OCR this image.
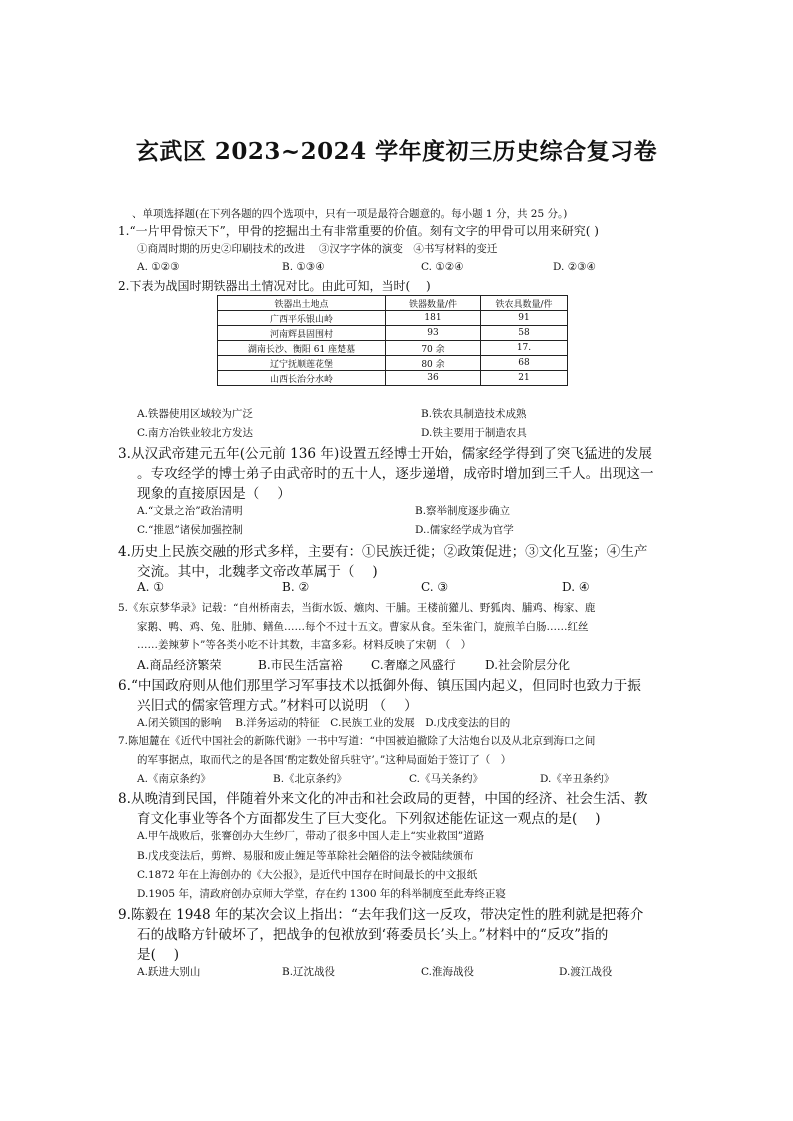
玄武区 2023~2024 学年度初三历史综合复习卷
、单项选择题(在下列各题的四个选项中，只有一项是最符合题意的。每小题 1 分，共 25 分。)
1.“一片甲骨惊天下”，甲骨的挖掘出土有非常重要的价值。刻有文字的甲骨可以用来研究( )
①商周时期的历史②印刷技术的改进　 ③汉字字体的演变　④书写材料的变迁
A. ①②③	B. ①③④	C. ①②④	D. ②③④
2.下表为战国时期铁器出土情况对比。由此可知，当时(　 )
铁器出土地点	铁器数量/件	铁农具数量/件
广西平乐银山岭	181	91
河南辉县固围村	93	58
湖南长沙、衡阳 61 座楚墓	70 余	17.
辽宁抚顺莲花堡	80 余	68
山西长治分水岭	36	21
A.铁器使用区域较为广泛	B.铁农具制造技术成熟
C.南方冶铁业较北方发达	D.铁主要用于制造农具
3.从汉武帝建元五年(公元前 136 年)设置五经博士开始，儒家经学得到了突飞猛进的发展
。专攻经学的博士弟子由武帝时的五十人，逐步递增，成帝时增加到三千人。出现这一
现象的直接原因是（　 ）
A.“文景之治”政治清明	B.察举制度逐步确立
C.“推恩”诸侯加强控制	D..儒家经学成为官学
4.历史上民族交融的形式多样，主要有：①民族迁徙；②政策促进；③文化互鉴；④生产
交流。其中，北魏孝文帝改革属于（　 )
A. ①	B. ②	C. ③	D. ④
5.《东京梦华录》记载：“自州桥南去，当街水饭、爊肉、干脯。王楼前獾儿、野狐肉、脯鸡、梅家、鹿
家鹅、鸭、鸡、兔、肚肺、鳝鱼……每个不过十五文。曹家从食。至朱雀门，旋煎羊白肠……红丝
……姜辣萝卜”等各类小吃不计其数，丰富多彩。材料反映了宋朝 （　）
A.商品经济繁荣	B.市民生活富裕 C.奢靡之风盛行 D.社会阶层分化
6.“中国政府则从他们那里学习军事技术以抵御外侮、镇压国内起义，但同时也致力于振
兴旧式的儒家管理方式。”材料可以说明 （　 ）
A.闭关锁国的影响　 B.洋务运动的特征　C.民族工业的发展　D.戊戌变法的目的
7.陈旭麓在《近代中国社会的新陈代谢》一书中写道：“中国被迫撤除了大沽炮台以及从北京到海口之间
的军事据点，取而代之的是各国‘酌定数处留兵驻守’。”这种局面始于签订了（　）
A.《南京条约》	B.《北京条约》	C.《马关条约》	D.《辛丑条约》
8.从晚清到民国，伴随着外来文化的冲击和社会政局的更替，中国的经济、社会生活、教
育文化事业等各个方面都发生了巨大变化。下列叙述能佐证这一观点的是(　 )
A.甲午战败后，张謇创办大生纱厂，带动了很多中国人走上“实业救国”道路
B.戊戌变法后，剪辫、易服和废止缠足等革除社会陋俗的法令被陆续颁布
C.1872 年在上海创办的《大公报》，是近代中国存在时间最长的中文报纸
D.1905 年，清政府创办京师大学堂，存在约 1300 年的科举制度至此寿终正寝
9.陈毅在 1948 年的某次会议上指出：“去年我们这一反攻，带决定性的胜利就是把蒋介
石的战略方针破坏了，把战争的包袱放到‘蒋委员长’头上。”材料中的“反攻”指的
是(　 )
A.跃进大别山	B.辽沈战役	C.淮海战役	D.渡江战役
